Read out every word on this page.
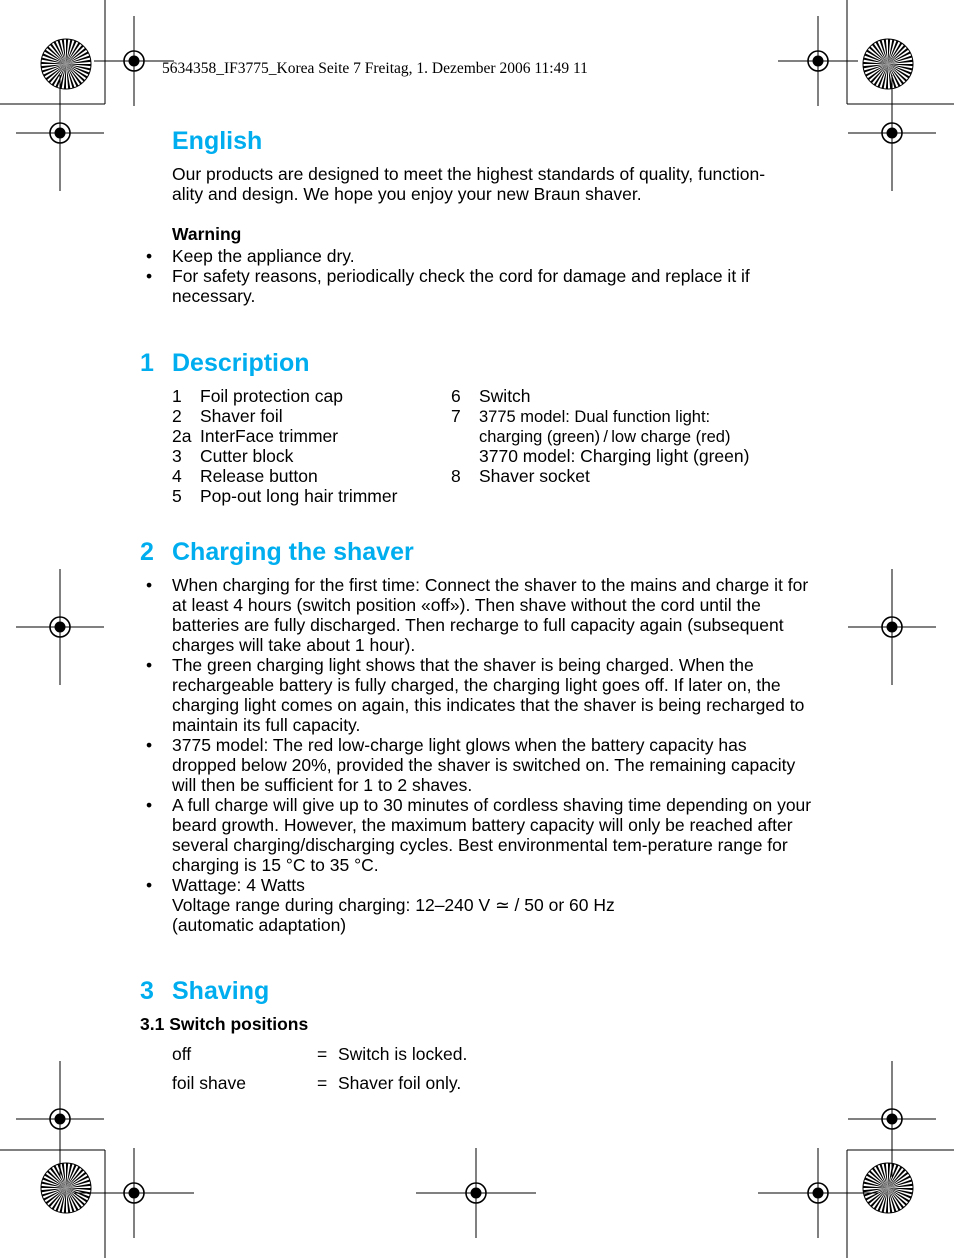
5634358_IF3775_Korea Seite 7 Freitag, 1. Dezember 2006 11:49 11
English
Our products are designed to meet the highest standards of quality, function-
ality and design. We hope you enjoy your new Braun shaver.
Warning
• Keep the appliance dry.
• For safety reasons, periodically check the cord for damage and replace it if necessary.
1 Description
1 Foil protection cap
2 Shaver foil
2a InterFace trimmer
3 Cutter block
4 Release button
5 Pop-out long hair trimmer
6 Switch
7 3775 model: Dual function light:
charging (green) / low charge (red)
3770 model: Charging light (green)
8 Shaver socket
2 Charging the shaver
• When charging for the first time: Connect the shaver to the mains and charge it for at least 4 hours (switch position «off»). Then shave without the cord until the batteries are fully discharged. Then recharge to full capacity again (subsequent charges will take about 1 hour).
• The green charging light shows that the shaver is being charged. When the rechargeable battery is fully charged, the charging light goes off. If later on, the charging light comes on again, this indicates that the shaver is being recharged to maintain its full capacity.
• 3775 model: The red low-charge light glows when the battery capacity has dropped below 20%, provided the shaver is switched on. The remaining capacity will then be sufficient for 1 to 2 shaves.
• A full charge will give up to 30 minutes of cordless shaving time depending on your beard growth. However, the maximum battery capacity will only be reached after several charging/discharging cycles. Best environmental tem-perature range for charging is 15 °C to 35 °C.
• Wattage: 4 Watts
Voltage range during charging: 12–240 V ≃ / 50 or 60 Hz
(automatic adaptation)
3 Shaving
3.1 Switch positions
off	= Switch is locked.
foil shave	= Shaver foil only.
